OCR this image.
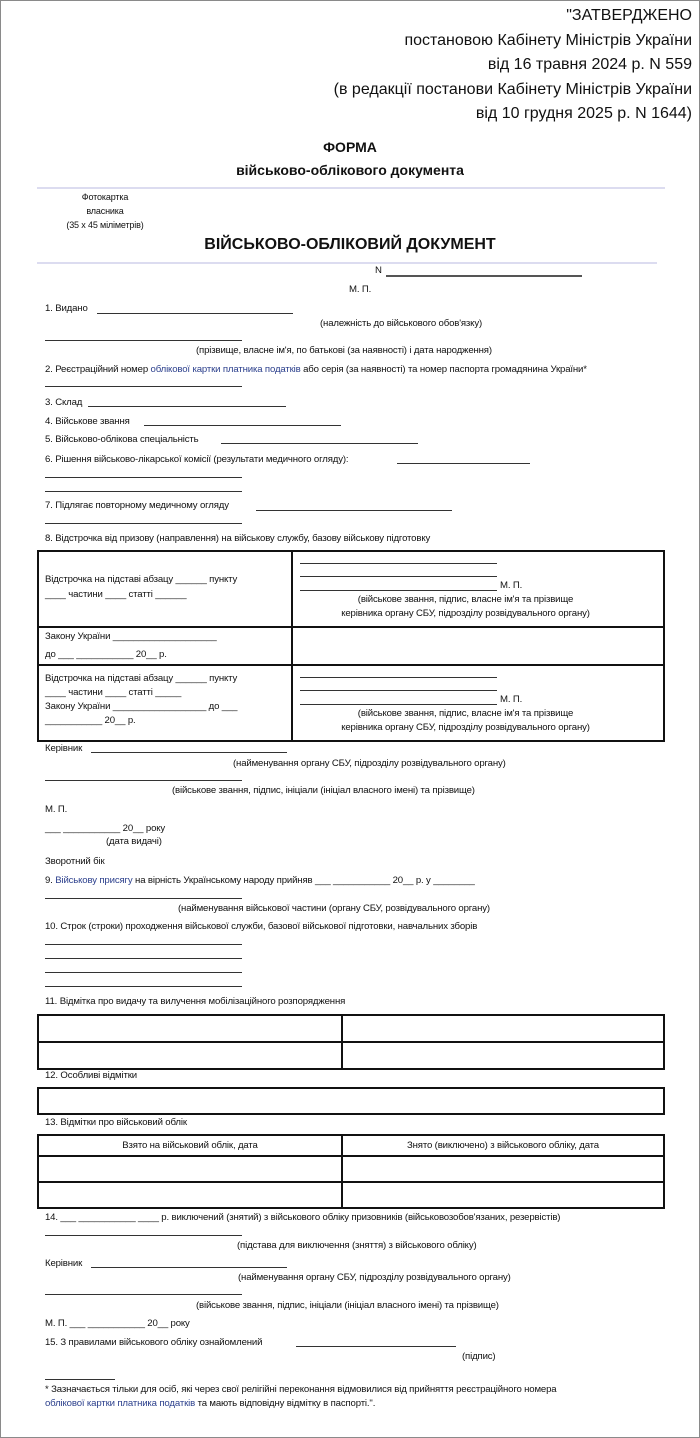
"ЗАТВЕРДЖЕНО
постановою Кабінету Міністрів України
від 16 травня 2024 р. N 559
(в редакції постанови Кабінету Міністрів України
від 10 грудня 2025 р. N 1644)
ФОРМА
військово-облікового документа
Фотокартка
власника
(35 х 45 міліметрів)
ВІЙСЬКОВО-ОБЛІКОВИЙ ДОКУМЕНТ
N
М. П.
1. Видано
(належність до військового обов'язку)
(прізвище, власне ім'я, по батькові (за наявності) і дата народження)
2. Реєстраційний номер облікової картки платника податків або серія (за наявності) та номер паспорта громадянина України*
3. Склад
4. Військове звання
5. Військово-облікова спеціальність
6. Рішення військово-лікарської комісії (результати медичного огляду):
7. Підлягає повторному медичному огляду
8. Відстрочка від призову (направлення) на військову службу, базову військову підготовку
Відстрочка на підставі абзацу ______ пункту
____ частини ____ статті ______

М. П.
(військове звання, підпис, власне ім'я та прізвище
керівника органу СБУ, підрозділу розвідувального органу)

Закону України ____________________
до ___ ___________ 20__ р.	

Відстрочка на підставі абзацу ______ пункту
____ частини ____ статті _____
Закону України __________________ до ___
___________ 20__ р.

М. П.
(військове звання, підпис, власне ім'я та прізвище
керівника органу СБУ, підрозділу розвідувального органу)
Керівник
(найменування органу СБУ, підрозділу розвідувального органу)
(військове звання, підпис, ініціали (ініціал власного імені) та прізвище)
М. П.
___ ___________ 20__ року
(дата видачі)
Зворотний бік
9. Військову присягу на вірність Українському народу прийняв ___ ___________ 20__ р. у ________
(найменування військової частини (органу СБУ, розвідувального органу)
10. Строк (строки) проходження військової служби, базової військової підготовки, навчальних зборів
11. Відмітка про видачу та вилучення мобілізаційного розпорядження

12. Особливі відмітки
13. Відмітки про військовий облік
Взято на військовий облік, дата	Знято (виключено) з військового обліку, дата

14. ___ ___________ ____ р. виключений (знятий) з військового обліку призовників (військовозобов'язаних, резервістів)
(підстава для виключення (зняття) з військового обліку)
Керівник
(найменування органу СБУ, підрозділу розвідувального органу)
(військове звання, підпис, ініціали (ініціал власного імені) та прізвище)
М. П. ___ ___________ 20__ року
15. З правилами військового обліку ознайомлений
(підпис)
* Зазначається тільки для осіб, які через свої релігійні переконання відмовилися від прийняття реєстраційного номера
облікової картки платника податків та мають відповідну відмітку в паспорті.".
